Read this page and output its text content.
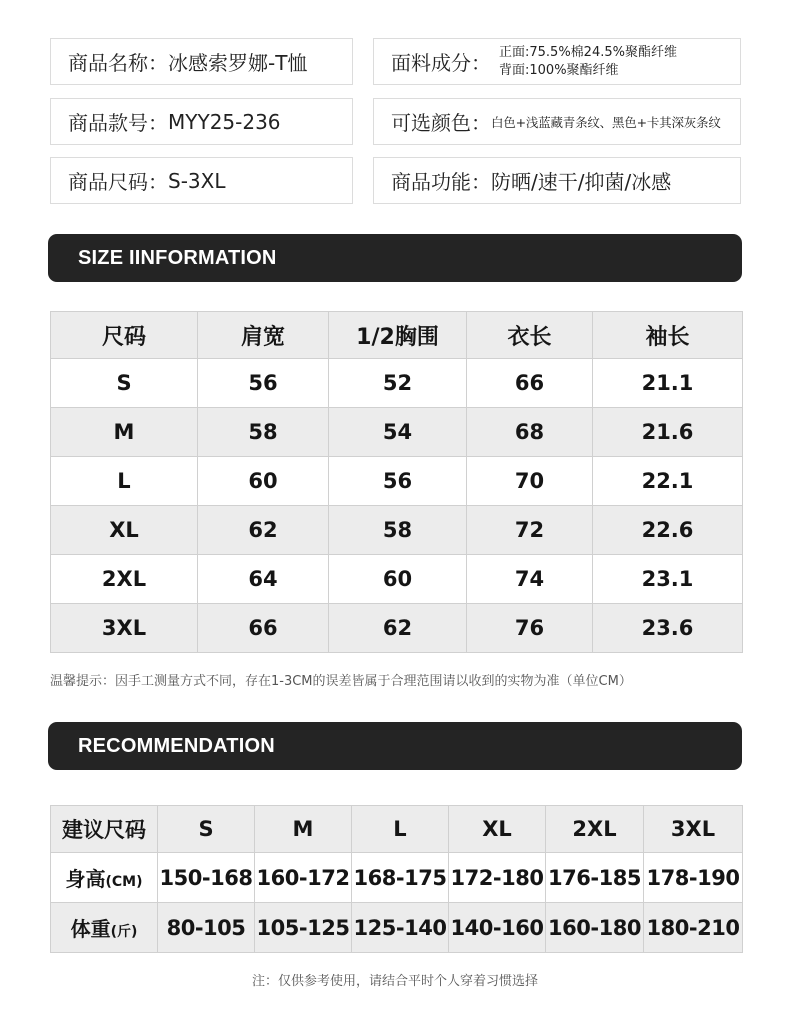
商品名称： 冰感索罗娜-T恤	面料成分： 正面:75.5%棉24.5%聚酯纤维
背面:100%聚酯纤维
商品款号： MYY25-236	可选颜色： 白色+浅蓝藏青条纹、黑色+卡其深灰条纹
商品尺码： S-3XL	商品功能： 防晒/速干/抑菌/冰感
SIZE IINFORMATION
尺码	肩宽	1/2胸围	衣长	袖长
S	56	52	66	21.1
M	58	54	68	21.6
L	60	56	70	22.1
XL	62	58	72	22.6
2XL	64	60	74	23.1
3XL	66	62	76	23.6
温馨提示：因手工测量方式不同，存在1-3CM的误差皆属于合理范围请以收到的实物为准（单位CM）
RECOMMENDATION
建议尺码	S	M	L	XL	2XL	3XL
身高(CM)	150-168	160-172	168-175	172-180	176-185	178-190
体重(斤)	80-105	105-125	125-140	140-160	160-180	180-210
注：仅供参考使用，请结合平时个人穿着习惯选择
